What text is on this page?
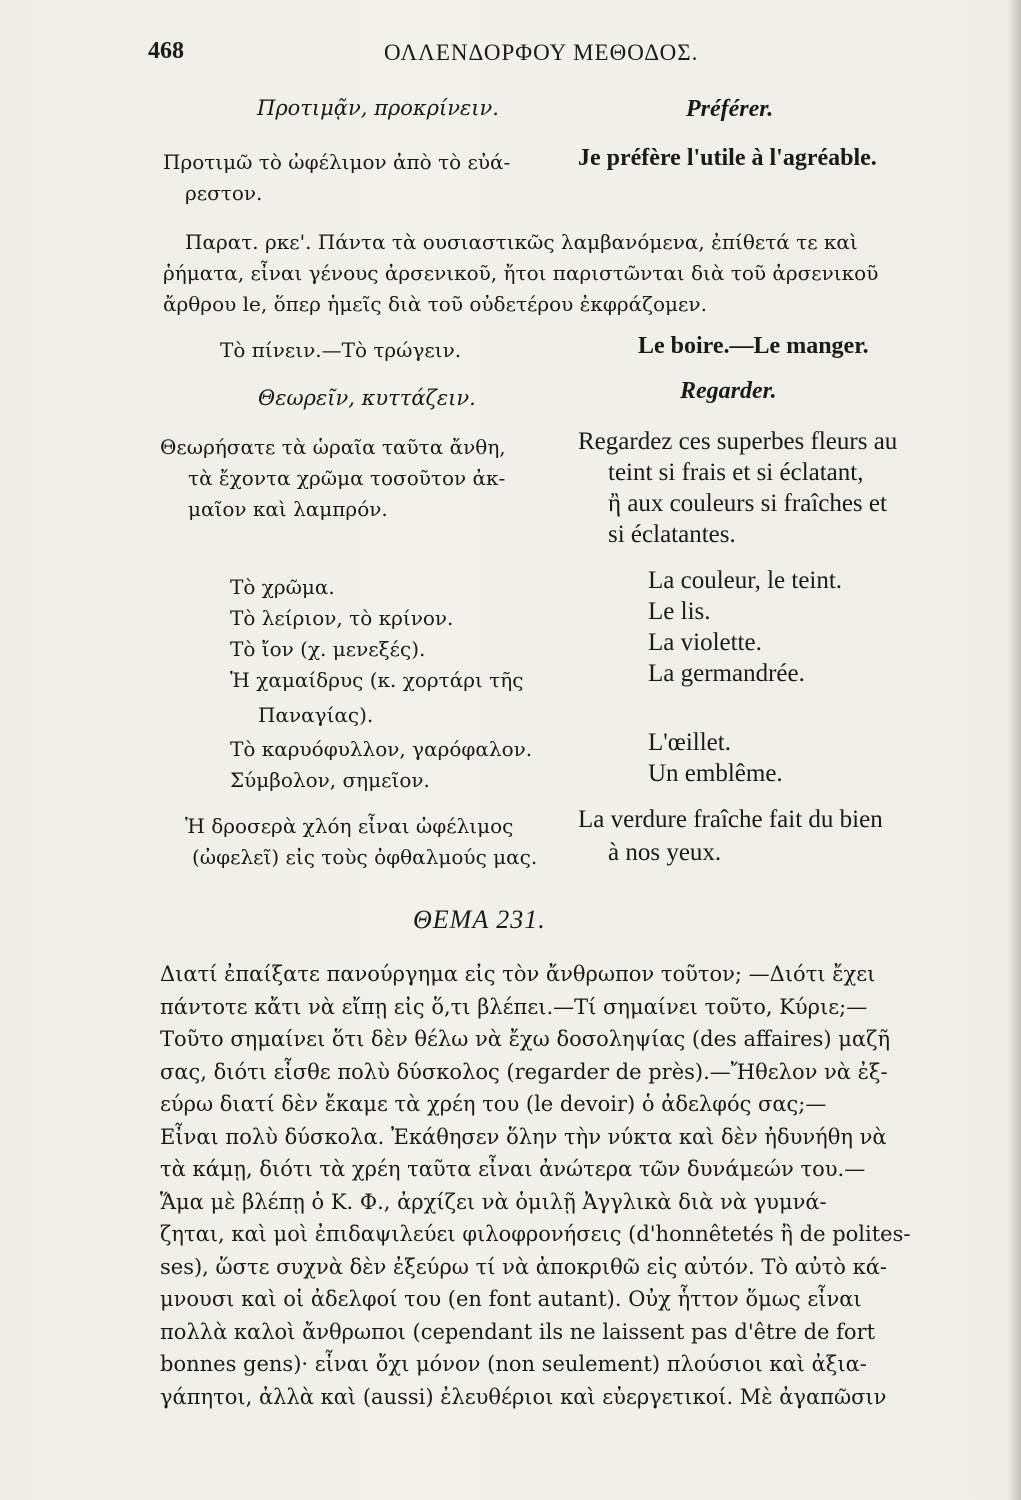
468	ΟΛΛΕΝΔΟΡΦΟΥ ΜΕΘΟΔΟΣ.
Προτιμᾷν, προκρίνειν.	Préférer.
Προτιμῶ τὸ ὠφέλιμον ἀπὸ τὸ εὐά-
ρεστον.
Je préfère l'utile à l'agréable.
Παρατ. ρκε'. Πάντα τὰ ουσιαστικῶς λαμβανόμενα, ἐπίθετά τε καὶ
ῥήματα, εἶναι γένους ἀρσενικοῦ, ἤτοι παριστῶνται διὰ τοῦ ἀρσενικοῦ
ἄρθρου le, ὅπερ ἡμεῖς διὰ τοῦ οὐδετέρου ἐκφράζομεν.
Τὸ πίνειν.—Τὸ τρώγειν.	Le boire.—Le manger.
Θεωρεῖν, κυττάζειν.	Regarder.
Θεωρήσατε τὰ ὡραῖα ταῦτα ἄνθη,
τὰ ἔχοντα χρῶμα τοσοῦτον ἀκ-
μαῖον καὶ λαμπρόν.
Regardez ces superbes fleurs au
teint si frais et si éclatant,
ἢ aux couleurs si fraîches et
si éclatantes.
Τὸ χρῶμα.	La couleur, le teint.
Τὸ λείριον, τὸ κρίνον.	Le lis.
Τὸ ἴον (χ. μενεξές).	La violette.
Ἡ χαμαίδρυς (κ. χορτάρι τῆς	La germandrée.
Παναγίας).
Τὸ καρυόφυλλον, γαρόφαλον.	L'œillet.
Σύμβολον, σημεῖον.	Un emblême.
Ἡ δροσερὰ χλόη εἶναι ὠφέλιμος
(ὠφελεῖ) εἰς τοὺς ὀφθαλμούς μας.
La verdure fraîche fait du bien
à nos yeux.
ΘΕΜΑ 231.

Διατί ἐπαίξατε πανούργημα εἰς τὸν ἄνθρωπον τοῦτον; —Διότι ἔχει

πάντοτε κἄτι νὰ εἴπῃ εἰς ὅ,τι βλέπει.—Τί σημαίνει τοῦτο, Κύριε;—

Τοῦτο σημαίνει ὅτι δὲν θέλω νὰ ἔχω δοσοληψίας (des affaires) μαζῆ

σας, διότι εἶσθε πολὺ δύσκολος (regarder de près).—Ἤθελον νὰ ἐξ-

εύρω διατί δὲν ἔκαμε τὰ χρέη του (le devoir) ὁ ἀδελφός σας;—

Εἶναι πολὺ δύσκολα. Ἐκάθησεν ὅλην τὴν νύκτα καὶ δὲν ἠδυνήθη νὰ

τὰ κάμῃ, διότι τὰ χρέη ταῦτα εἶναι ἀνώτερα τῶν δυνάμεών του.—

Ἅμα μὲ βλέπῃ ὁ Κ. Φ., ἀρχίζει νὰ ὁμιλῇ Ἀγγλικὰ διὰ νὰ γυμνά-

ζηται, καὶ μοὶ ἐπιδαψιλεύει φιλοφρονήσεις (d'honnêtetés ἢ de polites-

ses), ὥστε συχνὰ δὲν ἐξεύρω τί νὰ ἀποκριθῶ εἰς αὐτόν. Τὸ αὐτὸ κά-

μνουσι καὶ οἱ ἀδελφοί του (en font autant). Οὐχ ἧττον ὅμως εἶναι

πολλὰ καλοὶ ἄνθρωποι (cependant ils ne laissent pas d'être de fort

bonnes gens)· εἶναι ὄχι μόνον (non seulement) πλούσιοι καὶ ἀξια-

γάπητοι, ἀλλὰ καὶ (aussi) ἐλευθέριοι καὶ εὐεργετικοί. Μὲ ἀγαπῶσιν
